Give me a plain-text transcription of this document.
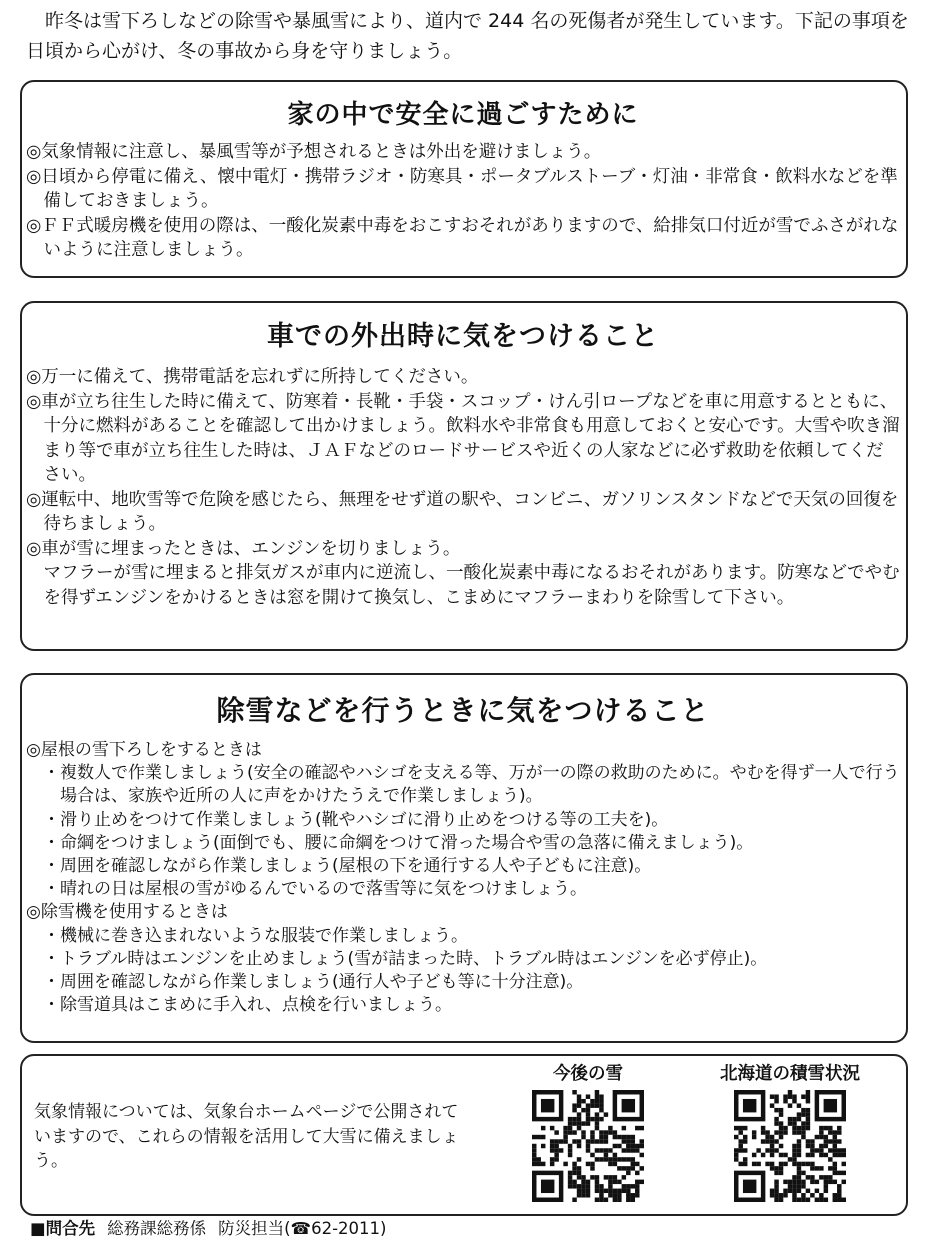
昨冬は雪下ろしなどの除雪や暴風雪により、道内で 244 名の死傷者が発生しています。下記の事項を日頃から心がけ、冬の事故から身を守りましょう。

家の中で安全に過ごすために

◎気象情報に注意し、暴風雪等が予想されるときは外出を避けましょう。

◎日頃から停電に備え、懐中電灯・携帯ラジオ・防寒具・ポータブルストーブ・灯油・非常食・飲料水などを準備しておきましょう。

◎ＦＦ式暖房機を使用の際は、一酸化炭素中毒をおこすおそれがありますので、給排気口付近が雪でふさがれないように注意しましょう。

車での外出時に気をつけること

◎万一に備えて、携帯電話を忘れずに所持してください。

◎車が立ち往生した時に備えて、防寒着・長靴・手袋・スコップ・けん引ロープなどを車に用意するとともに、十分に燃料があることを確認して出かけましょう。飲料水や非常食も用意しておくと安心です。大雪や吹き溜まり等で車が立ち往生した時は、ＪＡＦなどのロードサービスや近くの人家などに必ず救助を依頼してください。

◎運転中、地吹雪等で危険を感じたら、無理をせず道の駅や、コンビニ、ガソリンスタンドなどで天気の回復を待ちましょう。

◎車が雪に埋まったときは、エンジンを切りましょう。

マフラーが雪に埋まると排気ガスが車内に逆流し、一酸化炭素中毒になるおそれがあります。防寒などでやむを得ずエンジンをかけるときは窓を開けて換気し、こまめにマフラーまわりを除雪して下さい。

除雪などを行うときに気をつけること

◎屋根の雪下ろしをするときは

・複数人で作業しましょう(安全の確認やハシゴを支える等、万が一の際の救助のために。やむを得ず一人で行う場合は、家族や近所の人に声をかけたうえで作業しましょう)。

・滑り止めをつけて作業しましょう(靴やハシゴに滑り止めをつける等の工夫を)。

・命綱をつけましょう(面倒でも、腰に命綱をつけて滑った場合や雪の急落に備えましょう)。

・周囲を確認しながら作業しましょう(屋根の下を通行する人や子どもに注意)。

・晴れの日は屋根の雪がゆるんでいるので落雪等に気をつけましょう。

◎除雪機を使用するときは

・機械に巻き込まれないような服装で作業しましょう。

・トラブル時はエンジンを止めましょう(雪が詰まった時、トラブル時はエンジンを必ず停止)。

・周囲を確認しながら作業しましょう(通行人や子ども等に十分注意)。

・除雪道具はこまめに手入れ、点検を行いましょう。

気象情報については、気象台ホームページで公開されていますので、これらの情報を活用して大雪に備えましょう。

今後の雪	北海道の積雪状況

■問合先 総務課総務係 防災担当(☎62-2011)
